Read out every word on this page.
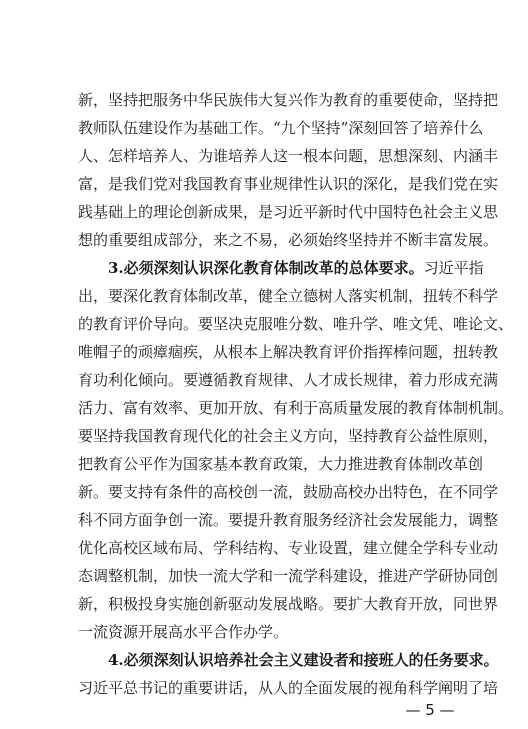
新，坚持把服务中华民族伟大复兴作为教育的重要使命，坚持把
教师队伍建设作为基础工作。“九个坚持”深刻回答了培养什么
人、怎样培养人、为谁培养人这一根本问题，思想深刻、内涵丰
富，是我们党对我国教育事业规律性认识的深化，是我们党在实
践基础上的理论创新成果，是习近平新时代中国特色社会主义思
想的重要组成部分，来之不易，必须始终坚持并不断丰富发展。
3.必须深刻认识深化教育体制改革的总体要求。习近平指
出，要深化教育体制改革，健全立德树人落实机制，扭转不科学
的教育评价导向。要坚决克服唯分数、唯升学、唯文凭、唯论文、
唯帽子的顽瘴痼疾，从根本上解决教育评价指挥棒问题，扭转教
育功利化倾向。要遵循教育规律、人才成长规律，着力形成充满
活力、富有效率、更加开放、有利于高质量发展的教育体制机制。
要坚持我国教育现代化的社会主义方向，坚持教育公益性原则，
把教育公平作为国家基本教育政策，大力推进教育体制改革创
新。要支持有条件的高校创一流，鼓励高校办出特色，在不同学
科不同方面争创一流。要提升教育服务经济社会发展能力，调整
优化高校区域布局、学科结构、专业设置，建立健全学科专业动
态调整机制，加快一流大学和一流学科建设，推进产学研协同创
新，积极投身实施创新驱动发展战略。要扩大教育开放，同世界
一流资源开展高水平合作办学。
4.必须深刻认识培养社会主义建设者和接班人的任务要求。
习近平总书记的重要讲话，从人的全面发展的视角科学阐明了培
— 5 —
